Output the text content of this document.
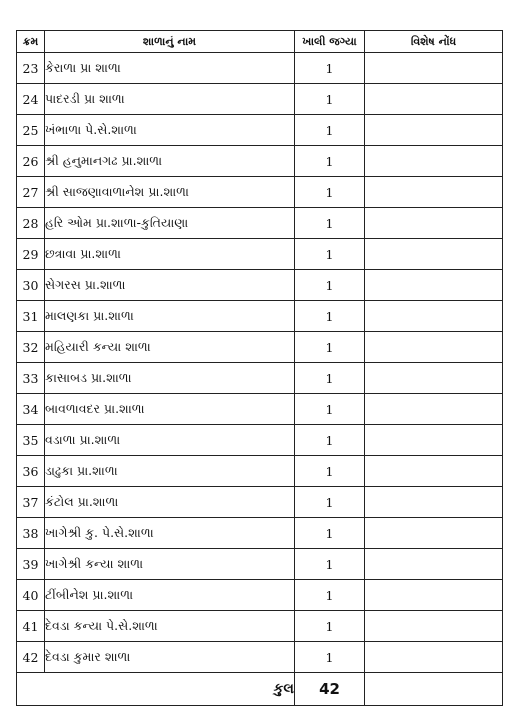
ક્રમ	શાળાનું નામ	ખાલી જગ્યા	વિશેષ નોંધ
23	કેરાળા પ્રા શાળા	1	
24	પાદરડી પ્રા શાળા	1	
25	ખંભાળા પે.સે.શાળા	1	
26	શ્રી હનુમાનગઢ પ્રા.શાળા	1	
27	શ્રી સાજણાવાળાનેશ પ્રા.શાળા	1	
28	હરિ ઓમ પ્રા.શાળા-કુતિયાણા	1	
29	છત્રાવા પ્રા.શાળા	1	
30	સેગરસ પ્રા.શાળા	1	
31	માલણકા પ્રા.શાળા	1	
32	મહિયારી કન્યા શાળા	1	
33	કાસાબડ પ્રા.શાળા	1	
34	બાવળાવદર પ્રા.શાળા	1	
35	વડાળા પ્રા.શાળા	1	
36	ડાઢુકા પ્રા.શાળા	1	
37	કંટોલ પ્રા.શાળા	1	
38	ખાગેશ્રી કુ. પે.સે.શાળા	1	
39	ખાગેશ્રી કન્યા શાળા	1	
40	ટીંબીનેશ પ્રા.શાળા	1	
41	દેવડા કન્યા પે.સે.શાળા	1	
42	દેવડા કુમાર શાળા	1	
કુલ		42	
